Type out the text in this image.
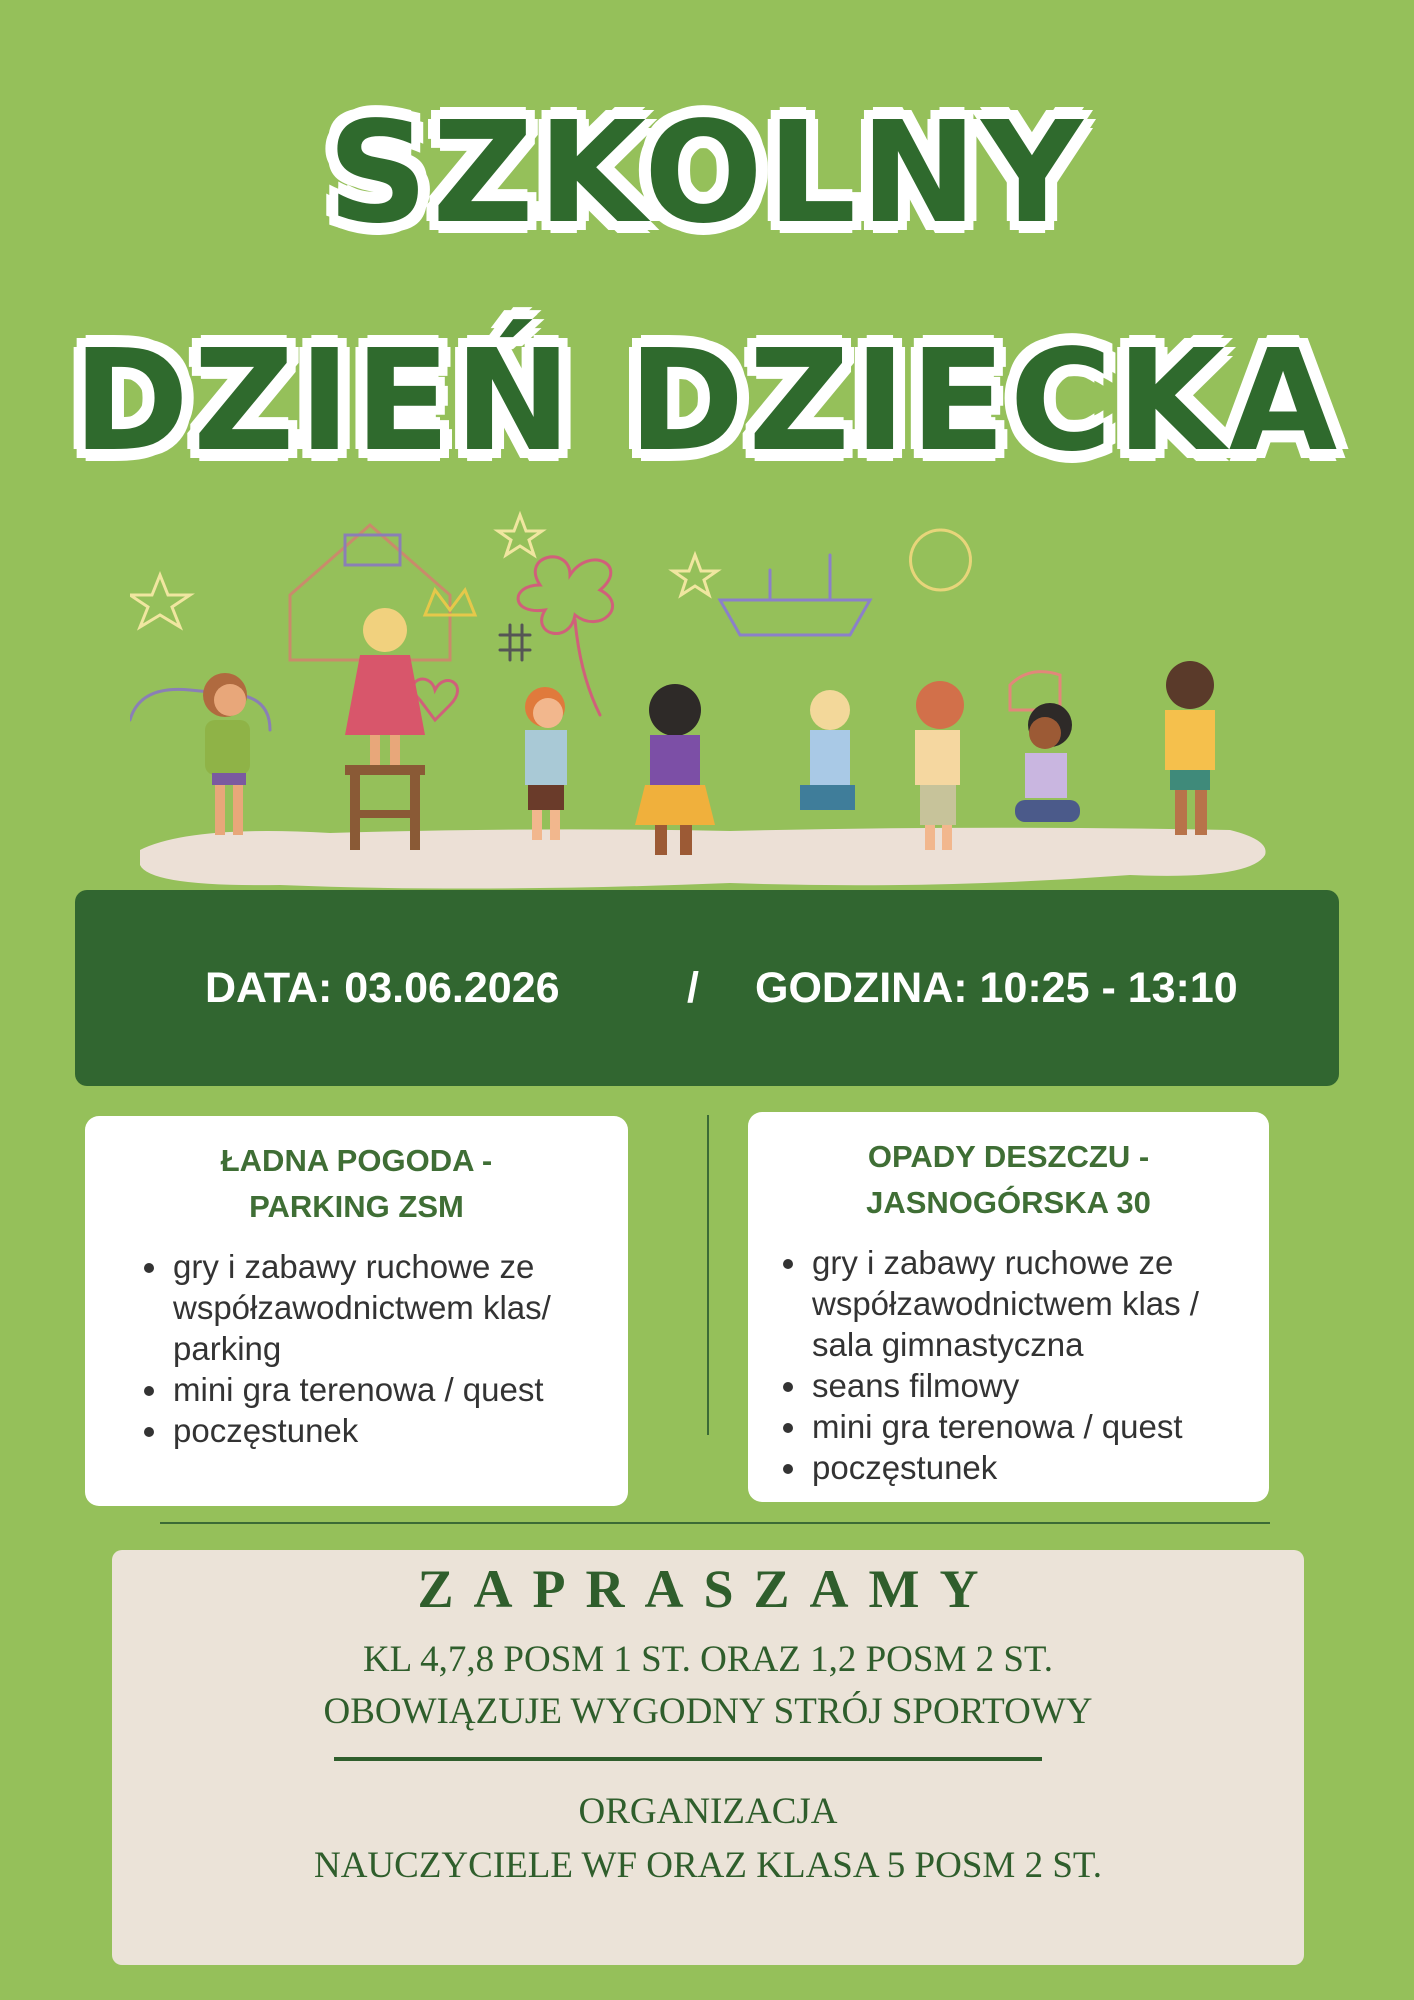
SZKOLNY
DZIEŃ DZIECKA
DATA: 03.06.2026	/ GODZINA: 10:25 - 13:10
ŁADNA POGODA -
PARKING ZSM
• gry i zabawy ruchowe ze współzawodnictwem klas/ parking
• mini gra terenowa / quest
• poczęstunek
OPADY DESZCZU -
JASNOGÓRSKA 30
• gry i zabawy ruchowe ze współzawodnictwem klas / sala gimnastyczna
• seans filmowy
• mini gra terenowa / quest
• poczęstunek
ZAPRASZAMY
KL 4,7,8 POSM 1 ST. ORAZ 1,2 POSM 2 ST.
OBOWIĄZUJE WYGODNY STRÓJ SPORTOWY
ORGANIZACJA
NAUCZYCIELE WF ORAZ KLASA 5 POSM 2 ST.
